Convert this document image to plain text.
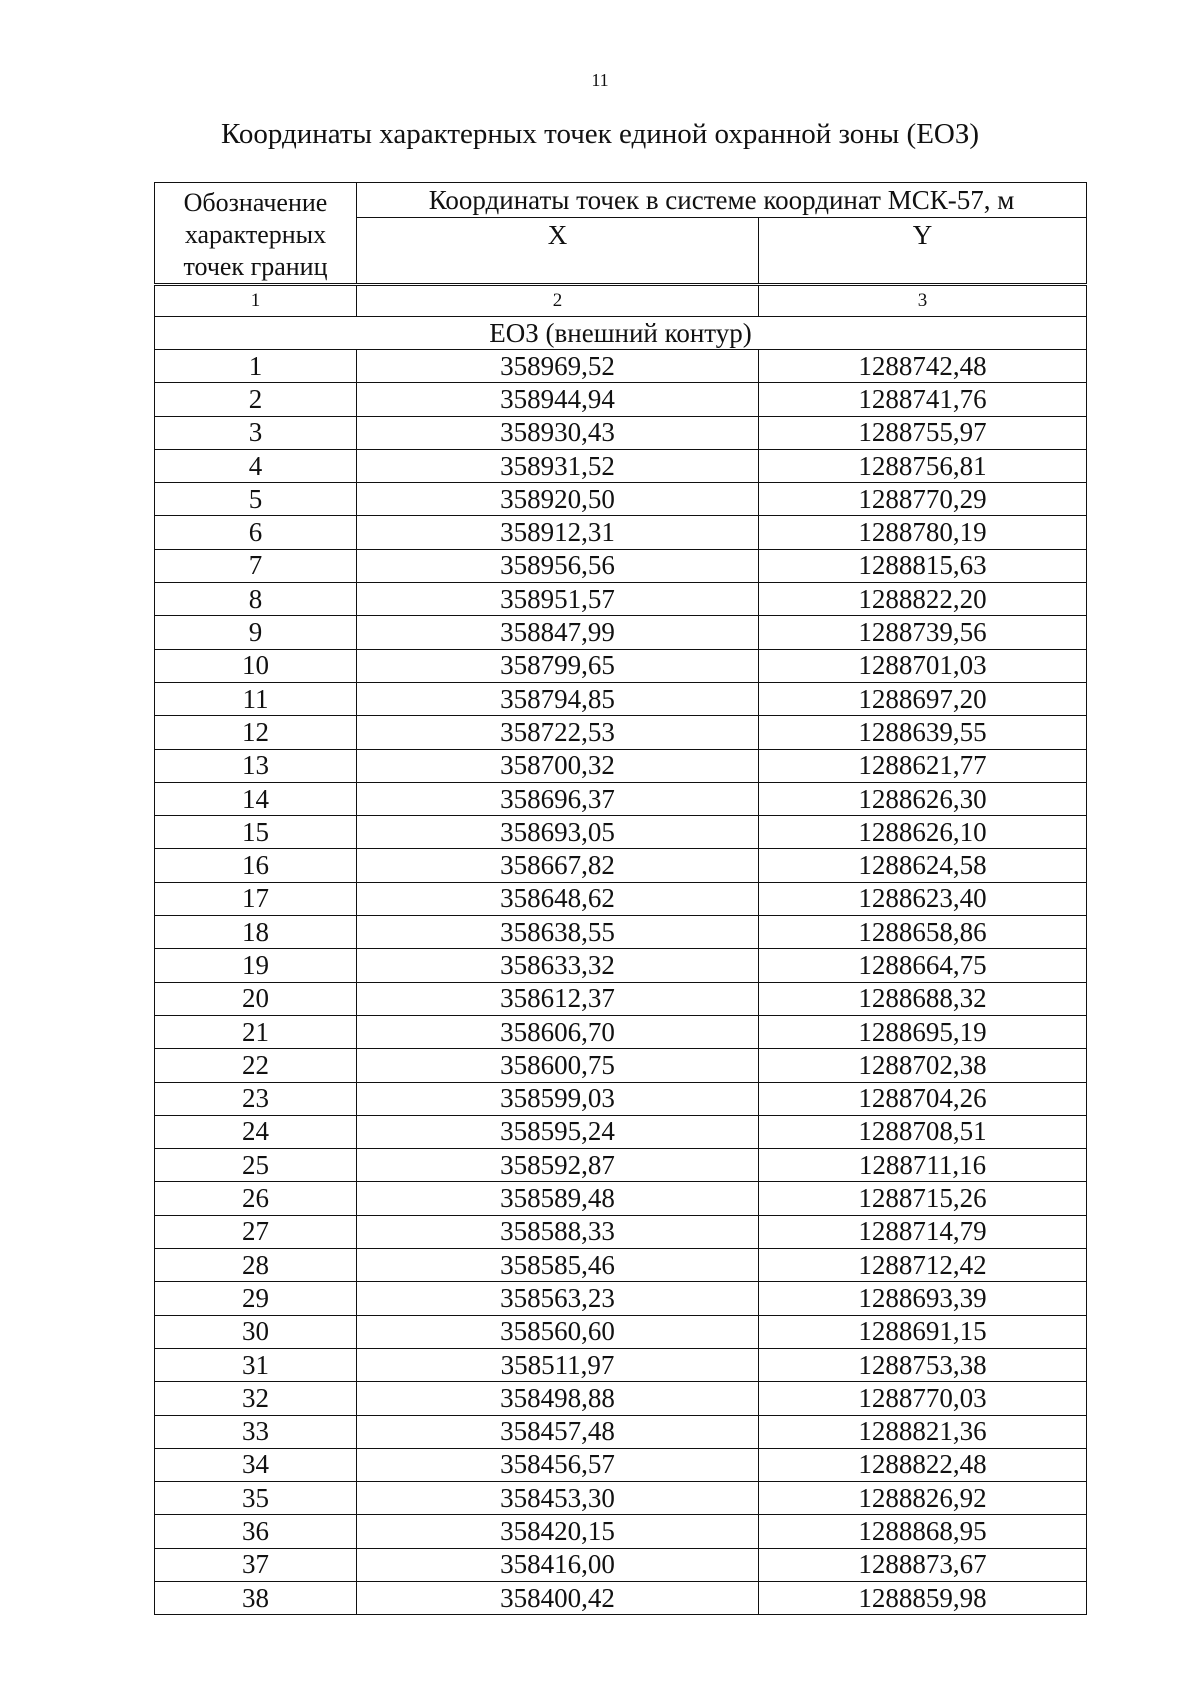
11
Координаты характерных точек единой охранной зоны (ЕОЗ)
Обозначение характерных точек границ	Координаты точек в системе координат МСК-57, м	
	X	Y
1	2	3
ЕОЗ (внешний контур)		
1	358969,52	1288742,48
2	358944,94	1288741,76
3	358930,43	1288755,97
4	358931,52	1288756,81
5	358920,50	1288770,29
6	358912,31	1288780,19
7	358956,56	1288815,63
8	358951,57	1288822,20
9	358847,99	1288739,56
10	358799,65	1288701,03
11	358794,85	1288697,20
12	358722,53	1288639,55
13	358700,32	1288621,77
14	358696,37	1288626,30
15	358693,05	1288626,10
16	358667,82	1288624,58
17	358648,62	1288623,40
18	358638,55	1288658,86
19	358633,32	1288664,75
20	358612,37	1288688,32
21	358606,70	1288695,19
22	358600,75	1288702,38
23	358599,03	1288704,26
24	358595,24	1288708,51
25	358592,87	1288711,16
26	358589,48	1288715,26
27	358588,33	1288714,79
28	358585,46	1288712,42
29	358563,23	1288693,39
30	358560,60	1288691,15
31	358511,97	1288753,38
32	358498,88	1288770,03
33	358457,48	1288821,36
34	358456,57	1288822,48
35	358453,30	1288826,92
36	358420,15	1288868,95
37	358416,00	1288873,67
38	358400,42	1288859,98
